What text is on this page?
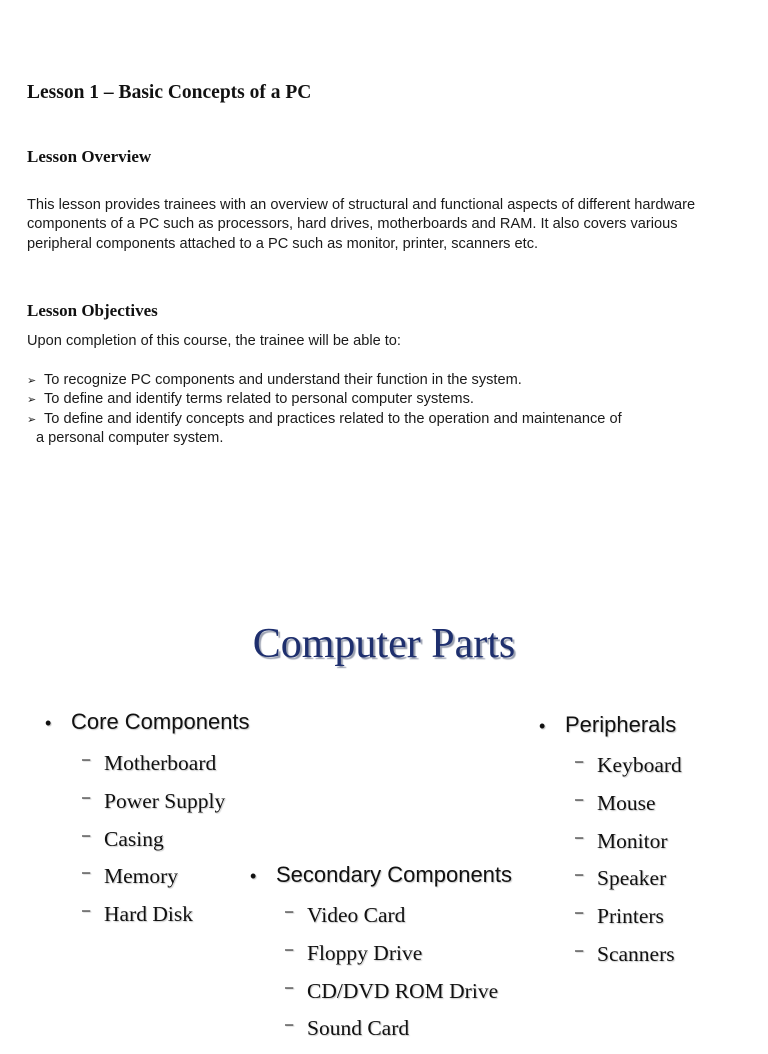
Lesson 1 – Basic Concepts of a PC
Lesson Overview
This lesson provides trainees with an overview of structural and functional aspects of different hardware components of a PC such as processors, hard drives, motherboards and RAM. It also covers various peripheral components attached to a PC such as monitor, printer, scanners etc.
Lesson Objectives
Upon completion of this course, the trainee will be able to:
➢ To recognize PC components and understand their function in the system.
➢ To define and identify terms related to personal computer systems.
➢ To define and identify concepts and practices related to the operation and maintenance of
a personal computer system.
Computer Parts
• Core Components
– Motherboard
– Power Supply
– Casing
– Memory
– Hard Disk
• Secondary Components
– Video Card
– Floppy Drive
– CD/DVD ROM Drive
– Sound Card
• Peripherals
– Keyboard
– Mouse
– Monitor
– Speaker
– Printers
– Scanners
